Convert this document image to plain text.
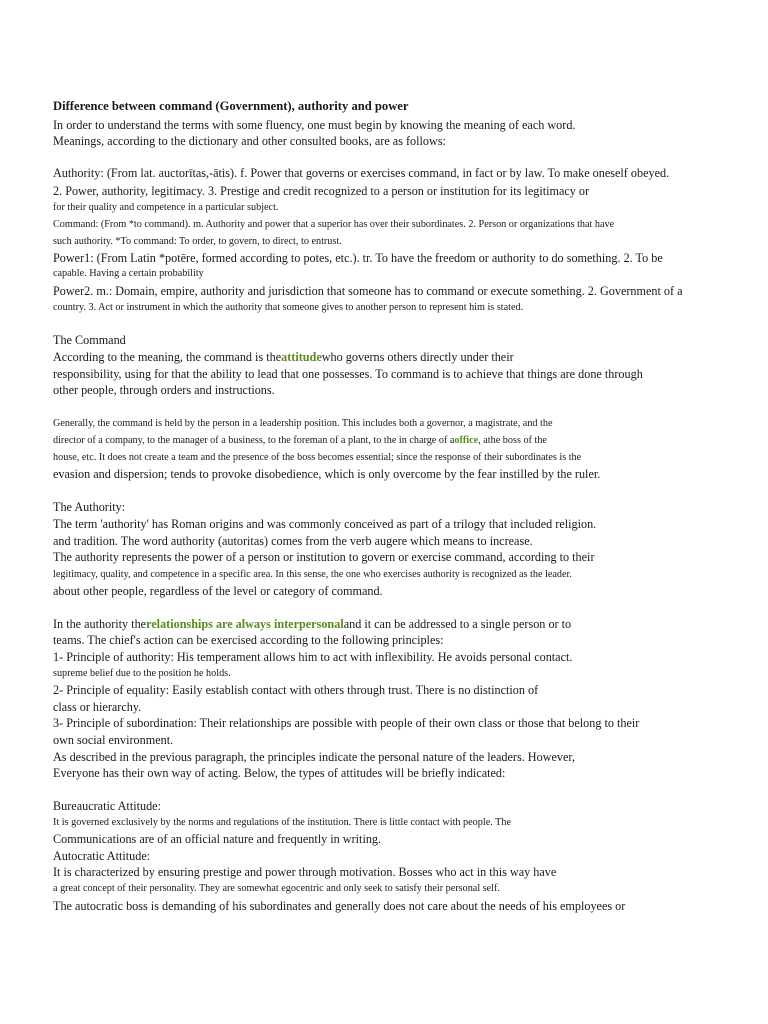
Difference between command (Government), authority and power
In order to understand the terms with some fluency, one must begin by knowing the meaning of each word.
Meanings, according to the dictionary and other consulted books, are as follows:
Authority: (From lat. auctorītas,-ātis). f. Power that governs or exercises command, in fact or by law. To make oneself obeyed.
2. Power, authority, legitimacy. 3. Prestige and credit recognized to a person or institution for its legitimacy or
for their quality and competence in a particular subject.
Command: (From *to command). m. Authority and power that a superior has over their subordinates. 2. Person or organizations that have
such authority. *To command: To order, to govern, to direct, to entrust.
Power1: (From Latin *potēre, formed according to potes, etc.). tr. To have the freedom or authority to do something. 2. To be
capable. Having a certain probability
Power2. m.: Domain, empire, authority and jurisdiction that someone has to command or execute something. 2. Government of a
country. 3. Act or instrument in which the authority that someone gives to another person to represent him is stated.
The Command
According to the meaning, the command is theattitudewho governs others directly under their
responsibility, using for that the ability to lead that one possesses. To command is to achieve that things are done through
other people, through orders and instructions.
Generally, the command is held by the person in a leadership position. This includes both a governor, a magistrate, and the
director of a company, to the manager of a business, to the foreman of a plant, to the in charge of aoffice, athe boss of the
house, etc. It does not create a team and the presence of the boss becomes essential; since the response of their subordinates is the
evasion and dispersion; tends to provoke disobedience, which is only overcome by the fear instilled by the ruler.
The Authority:
The term 'authority' has Roman origins and was commonly conceived as part of a trilogy that included religion.
and tradition. The word authority (autoritas) comes from the verb augere which means to increase.
The authority represents the power of a person or institution to govern or exercise command, according to their
legitimacy, quality, and competence in a specific area. In this sense, the one who exercises authority is recognized as the leader.
about other people, regardless of the level or category of command.
In the authority therelationships are always interpersonaland it can be addressed to a single person or to
teams. The chief's action can be exercised according to the following principles:
1- Principle of authority: His temperament allows him to act with inflexibility. He avoids personal contact.
supreme belief due to the position he holds.
2- Principle of equality: Easily establish contact with others through trust. There is no distinction of
class or hierarchy.
3- Principle of subordination: Their relationships are possible with people of their own class or those that belong to their
own social environment.
As described in the previous paragraph, the principles indicate the personal nature of the leaders. However,
Everyone has their own way of acting. Below, the types of attitudes will be briefly indicated:
Bureaucratic Attitude:
It is governed exclusively by the norms and regulations of the institution. There is little contact with people. The
Communications are of an official nature and frequently in writing.
Autocratic Attitude:
It is characterized by ensuring prestige and power through motivation. Bosses who act in this way have
a great concept of their personality. They are somewhat egocentric and only seek to satisfy their personal self.
The autocratic boss is demanding of his subordinates and generally does not care about the needs of his employees or
